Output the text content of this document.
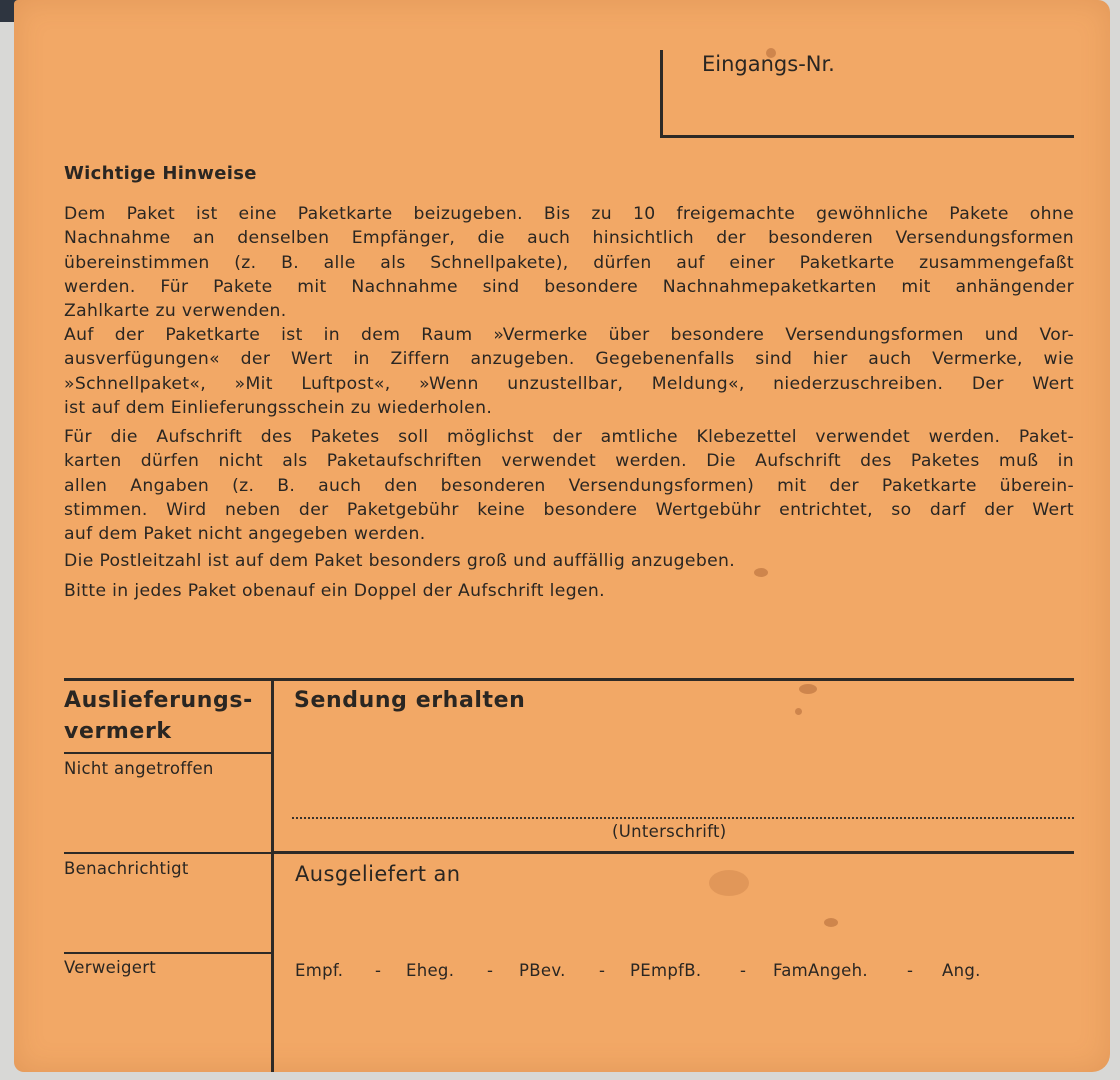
Eingangs-Nr.
Wichtige Hinweise
Dem Paket ist eine Paketkarte beizugeben. Bis zu 10 freigemachte gewöhnliche Pakete ohne
Nachnahme an denselben Empfänger, die auch hinsichtlich der besonderen Versendungsformen
übereinstimmen (z. B. alle als Schnellpakete), dürfen auf einer Paketkarte zusammengefaßt
werden. Für Pakete mit Nachnahme sind besondere Nachnahmepaketkarten mit anhängender
Zahlkarte zu verwenden.
Auf der Paketkarte ist in dem Raum »Vermerke über besondere Versendungsformen und Vor-
ausverfügungen« der Wert in Ziffern anzugeben. Gegebenenfalls sind hier auch Vermerke, wie
»Schnellpaket«, »Mit Luftpost«, »Wenn unzustellbar, Meldung«, niederzuschreiben. Der Wert
ist auf dem Einlieferungsschein zu wiederholen.
Für die Aufschrift des Paketes soll möglichst der amtliche Klebezettel verwendet werden. Paket-
karten dürfen nicht als Paketaufschriften verwendet werden. Die Aufschrift des Paketes muß in
allen Angaben (z. B. auch den besonderen Versendungsformen) mit der Paketkarte überein-
stimmen. Wird neben der Paketgebühr keine besondere Wertgebühr entrichtet, so darf der Wert
auf dem Paket nicht angegeben werden.
Die Postleitzahl ist auf dem Paket besonders groß und auffällig anzugeben.
Bitte in jedes Paket obenauf ein Doppel der Aufschrift legen.
Auslieferungs-
vermerk
Nicht angetroffen
Benachrichtigt
Verweigert
Sendung erhalten
(Unterschrift)
Ausgeliefert an
Empf. - Eheg. - PBev. - PEmpfB. - FamAngeh. - Ang.
